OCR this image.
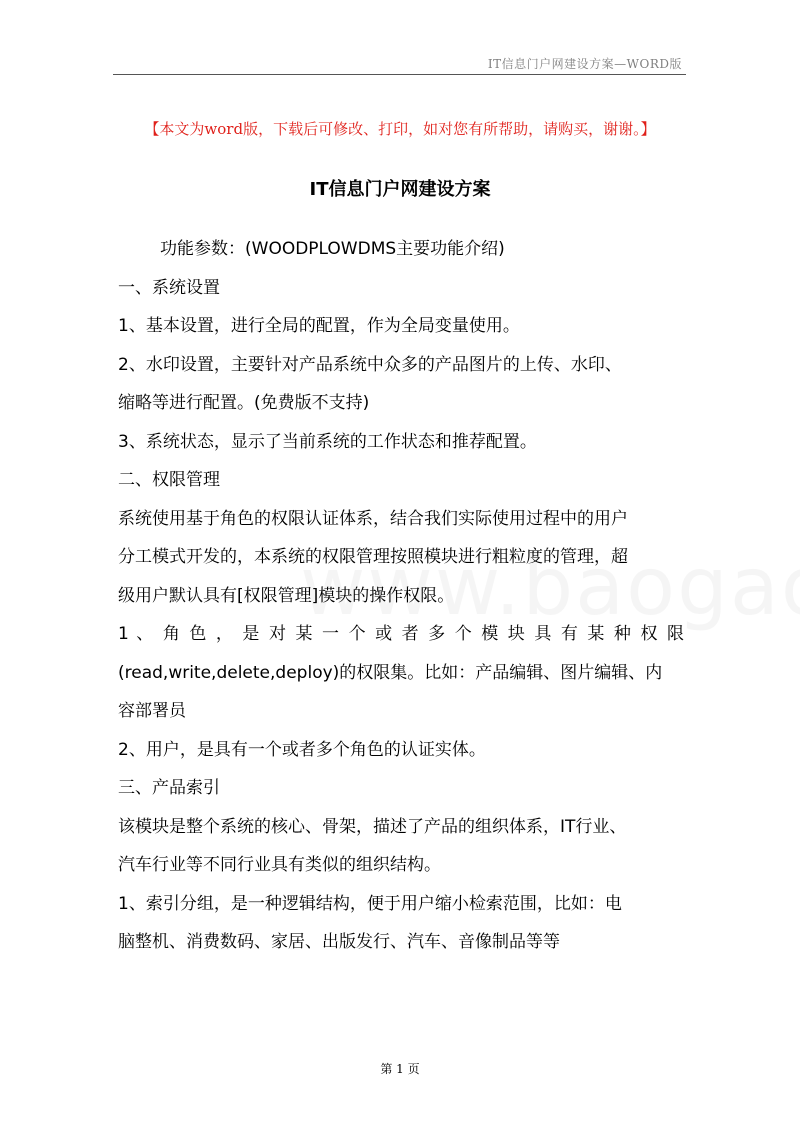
IT信息门户网建设方案—WORD版
【本文为word版，下载后可修改、打印，如对您有所帮助，请购买，谢谢。】
IT信息门户网建设方案
功能参数：(WOODPLOWDMS主要功能介绍)
一、系统设置
1、基本设置，进行全局的配置，作为全局变量使用。
2、水印设置，主要针对产品系统中众多的产品图片的上传、水印、
缩略等进行配置。(免费版不支持)
3、系统状态，显示了当前系统的工作状态和推荐配置。
二、权限管理
系统使用基于角色的权限认证体系，结合我们实际使用过程中的用户
分工模式开发的，本系统的权限管理按照模块进行粗粒度的管理，超
级用户默认具有[权限管理]模块的操作权限。
1 、 角 色 ， 是 对 某 一 个 或 者 多 个 模 块 具 有 某 种 权 限
(read,write,delete,deploy)的权限集。比如：产品编辑、图片编辑、内
容部署员
2、用户，是具有一个或者多个角色的认证实体。
三、产品索引
该模块是整个系统的核心、骨架，描述了产品的组织体系，IT行业、
汽车行业等不同行业具有类似的组织结构。
1、索引分组，是一种逻辑结构，便于用户缩小检索范围，比如：电
脑整机、消费数码、家居、出版发行、汽车、音像制品等等
第 1 页
